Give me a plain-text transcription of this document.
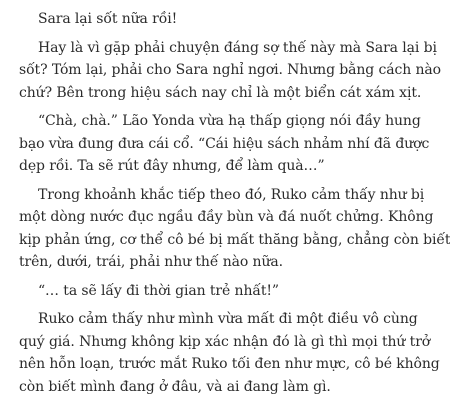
Sara lại sốt nữa rồi!
Hay là vì gặp phải chuyện đáng sợ thế này mà Sara lại bị
sốt? Tóm lại, phải cho Sara nghỉ ngơi. Nhưng bằng cách nào
chứ? Bên trong hiệu sách nay chỉ là một biển cát xám xịt.
“Chà, chà.” Lão Yonda vừa hạ thấp giọng nói đầy hung
bạo vừa đung đưa cái cổ. “Cái hiệu sách nhảm nhí đã được
dẹp rồi. Ta sẽ rút đây nhưng, để làm quà…”
Trong khoảnh khắc tiếp theo đó, Ruko cảm thấy như bị
một dòng nước đục ngầu đầy bùn và đá nuốt chửng. Không
kịp phản ứng, cơ thể cô bé bị mất thăng bằng, chẳng còn biết
trên, dưới, trái, phải như thế nào nữa.
“… ta sẽ lấy đi thời gian trẻ nhất!”
Ruko cảm thấy như mình vừa mất đi một điều vô cùng
quý giá. Nhưng không kịp xác nhận đó là gì thì mọi thứ trở
nên hỗn loạn, trước mắt Ruko tối đen như mực, cô bé không
còn biết mình đang ở đâu, và ai đang làm gì.
